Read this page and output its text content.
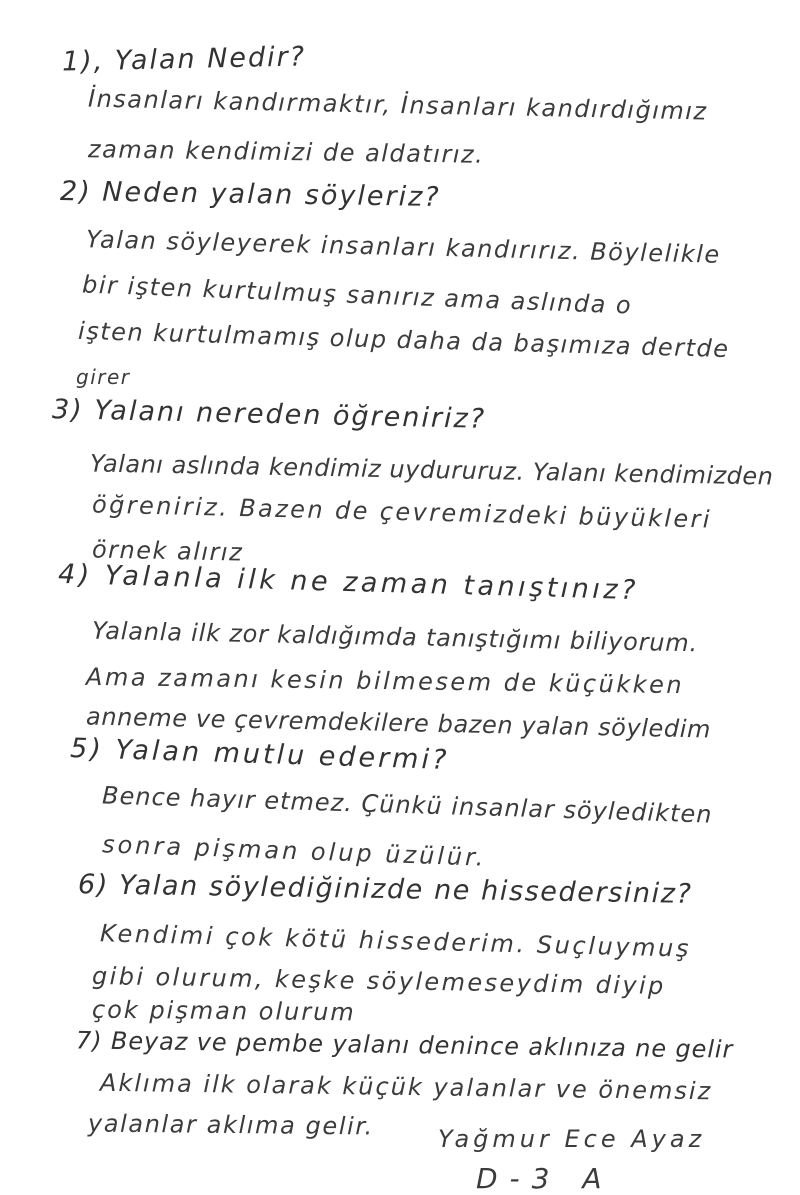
1), Yalan Nedir?
İnsanları kandırmaktır, İnsanları kandırdığımız
zaman kendimizi de aldatırız.
2) Neden yalan söyleriz?
Yalan söyleyerek insanları kandırırız. Böylelikle
bir işten kurtulmuş sanırız ama aslında o
işten kurtulmamış olup daha da başımıza dertde
girer
3) Yalanı nereden öğreniriz?
Yalanı aslında kendimiz uydururuz. Yalanı kendimizden
öğreniriz. Bazen de çevremizdeki büyükleri
örnek alırız
4) Yalanla ilk ne zaman tanıştınız?
Yalanla ilk zor kaldığımda tanıştığımı biliyorum.
Ama zamanı kesin bilmesem de küçükken
anneme ve çevremdekilere bazen yalan söyledim
5) Yalan mutlu edermi?
Bence hayır etmez. Çünkü insanlar söyledikten
sonra pişman olup üzülür.
6) Yalan söylediğinizde ne hissedersiniz?
Kendimi çok kötü hissederim. Suçluymuş
gibi olurum, keşke söylemeseydim diyip
çok pişman olurum
7) Beyaz ve pembe yalanı denince aklınıza ne gelir
Aklıma ilk olarak küçük yalanlar ve önemsiz
yalanlar aklıma gelir.	Yağmur Ece Ayaz
D-3 A
